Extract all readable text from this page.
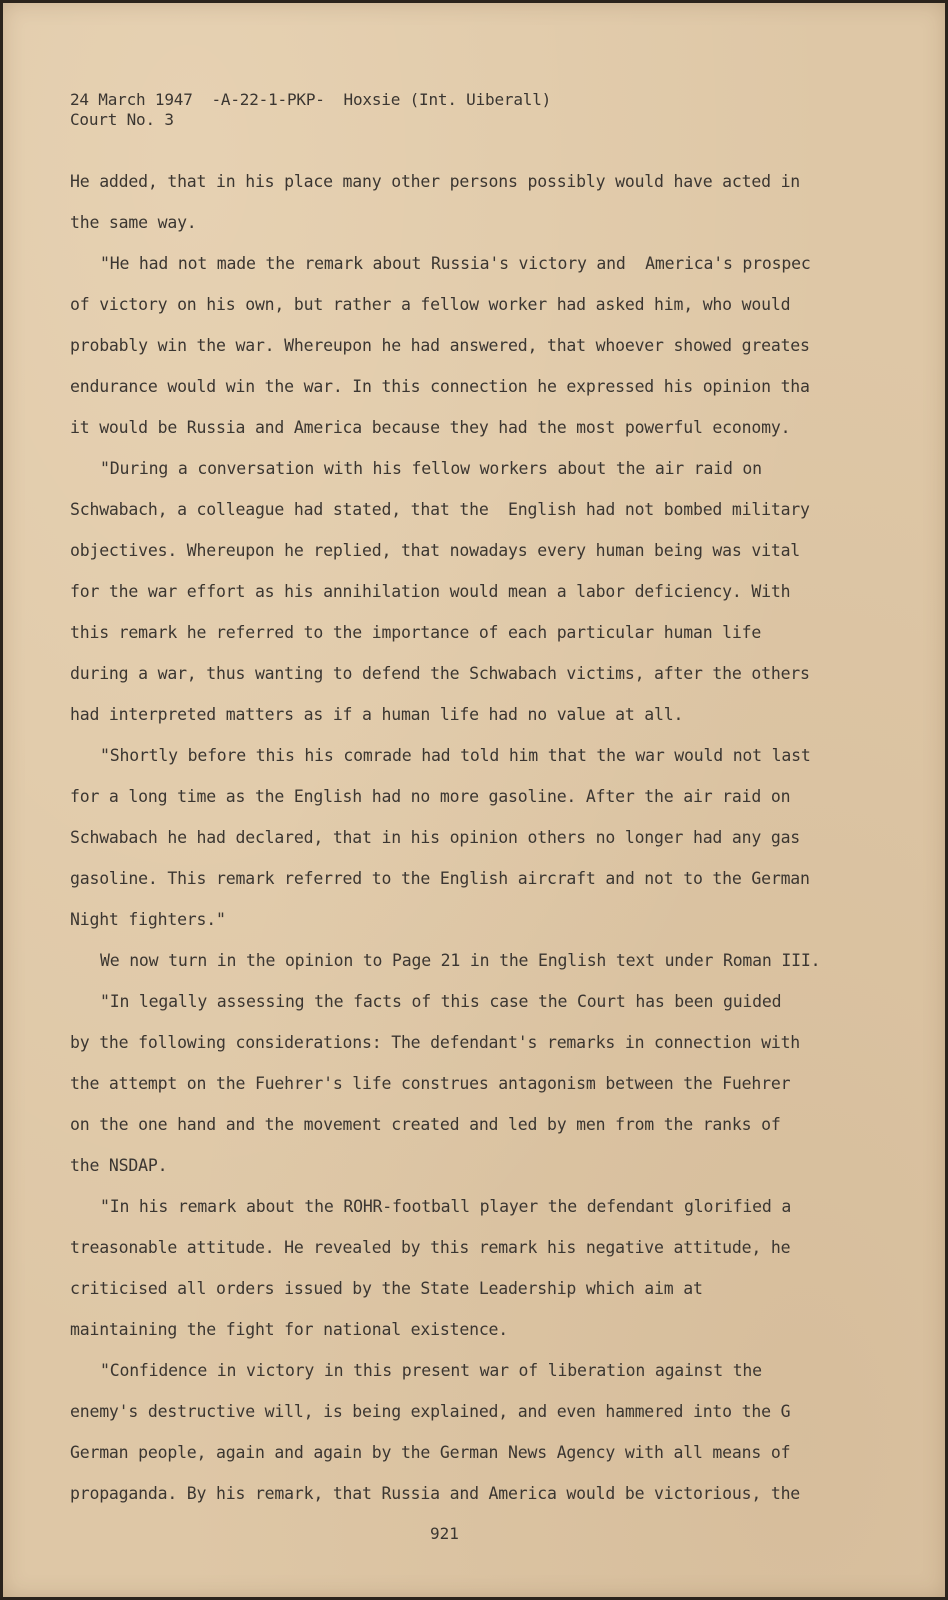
24 March 1947  -A-22-1-PKP-  Hoxsie (Int. Uiberall)
Court No. 3
He added, that in his place many other persons possibly would have acted in
the same way.
"He had not made the remark about Russia's victory and  America's prospec
of victory on his own, but rather a fellow worker had asked him, who would
probably win the war. Whereupon he had answered, that whoever showed greates
endurance would win the war. In this connection he expressed his opinion tha
it would be Russia and America because they had the most powerful economy.
"During a conversation with his fellow workers about the air raid on
Schwabach, a colleague had stated, that the  English had not bombed military
objectives. Whereupon he replied, that nowadays every human being was vital
for the war effort as his annihilation would mean a labor deficiency. With
this remark he referred to the importance of each particular human life
during a war, thus wanting to defend the Schwabach victims, after the others
had interpreted matters as if a human life had no value at all.
"Shortly before this his comrade had told him that the war would not last
for a long time as the English had no more gasoline. After the air raid on
Schwabach he had declared, that in his opinion others no longer had any gas
gasoline. This remark referred to the English aircraft and not to the German
Night fighters."
We now turn in the opinion to Page 21 in the English text under Roman III.
"In legally assessing the facts of this case the Court has been guided
by the following considerations: The defendant's remarks in connection with
the attempt on the Fuehrer's life construes antagonism between the Fuehrer
on the one hand and the movement created and led by men from the ranks of
the NSDAP.
"In his remark about the ROHR-football player the defendant glorified a
treasonable attitude. He revealed by this remark his negative attitude, he
criticised all orders issued by the State Leadership which aim at
maintaining the fight for national existence.
"Confidence in victory in this present war of liberation against the
enemy's destructive will, is being explained, and even hammered into the G
German people, again and again by the German News Agency with all means of
propaganda. By his remark, that Russia and America would be victorious, the
921
